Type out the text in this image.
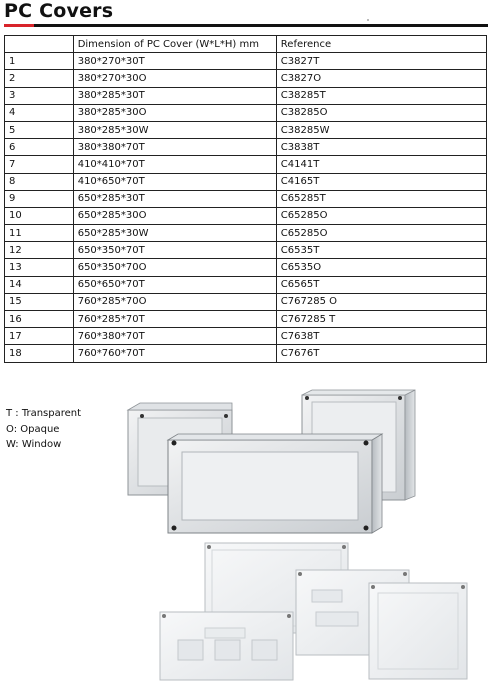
PC Covers
	Dimension of PC Cover (W*L*H) mm	Reference
1	380*270*30T	C3827T
2	380*270*30O	C3827O
3	380*285*30T	C38285T
4	380*285*30O	C38285O
5	380*285*30W	C38285W
6	380*380*70T	C3838T
7	410*410*70T	C4141T
8	410*650*70T	C4165T
9	650*285*30T	C65285T
10	650*285*30O	C65285O
11	650*285*30W	C65285O
12	650*350*70T	C6535T
13	650*350*70O	C6535O
14	650*650*70T	C6565T
15	760*285*70O	C767285 O
16	760*285*70T	C767285 T
17	760*380*70T	C7638T
18	760*760*70T	C7676T
T : Transparent
O: Opaque
W: Window
